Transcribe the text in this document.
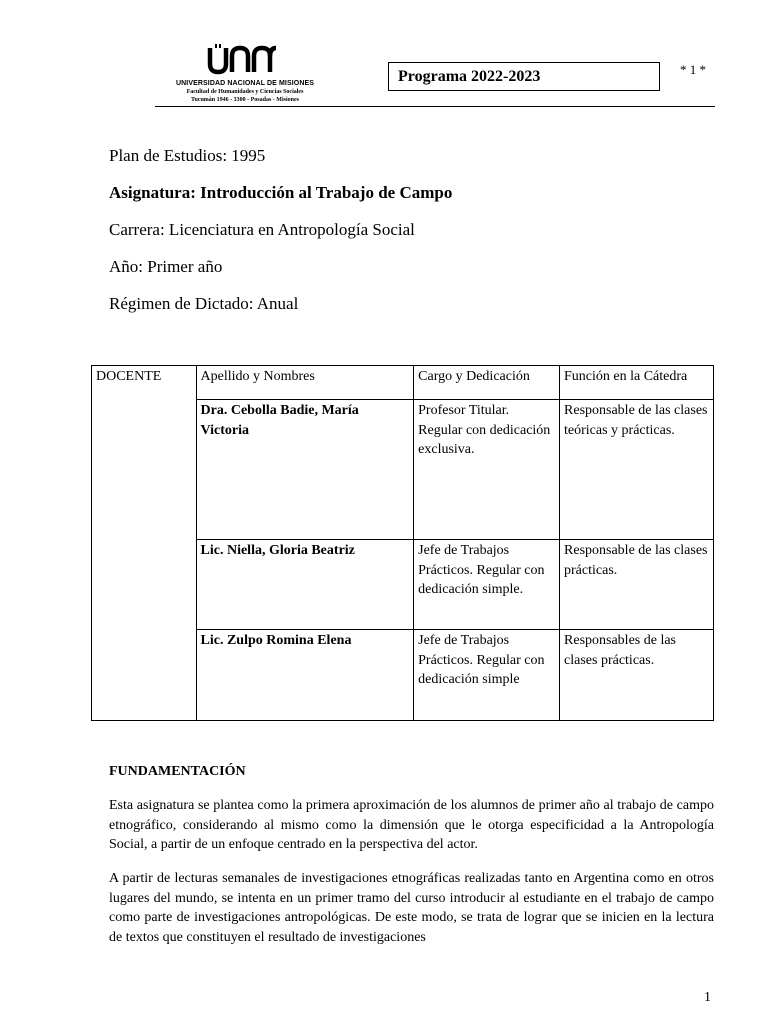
UNIVERSIDAD NACIONAL DE MISIONES
Facultad de Humanidades y Ciencias Sociales
Tucumán 1946 - 3300 - Posadas - Misiones
Programa 2022-2023	* 1 *
Plan de Estudios: 1995
Asignatura: Introducción al Trabajo de Campo
Carrera: Licenciatura en Antropología Social
Año: Primer año
Régimen de Dictado: Anual
DOCENTE	Apellido y Nombres	Cargo y Dedicación	Función en la Cátedra
	Dra. Cebolla Badie, María Victoria	Profesor Titular. Regular con dedicación exclusiva.	Responsable de las clases teóricas y prácticas.
	Lic. Niella, Gloria Beatriz	Jefe de Trabajos Prácticos. Regular con dedicación simple.	Responsable de las clases prácticas.
	Lic. Zulpo Romina Elena	Jefe de Trabajos Prácticos. Regular con dedicación simple	Responsables de las clases prácticas.
FUNDAMENTACIÓN
Esta asignatura se plantea como la primera aproximación de los alumnos de primer año al trabajo de campo etnográfico, considerando al mismo como la dimensión que le otorga especificidad a la Antropología Social, a partir de un enfoque centrado en la perspectiva del actor.
A partir de lecturas semanales de investigaciones etnográficas realizadas tanto en Argentina como en otros lugares del mundo, se intenta en un primer tramo del curso introducir al estudiante en el trabajo de campo como parte de investigaciones antropológicas. De este modo, se trata de lograr que se inicien en la lectura de textos que constituyen el resultado de investigaciones
1
